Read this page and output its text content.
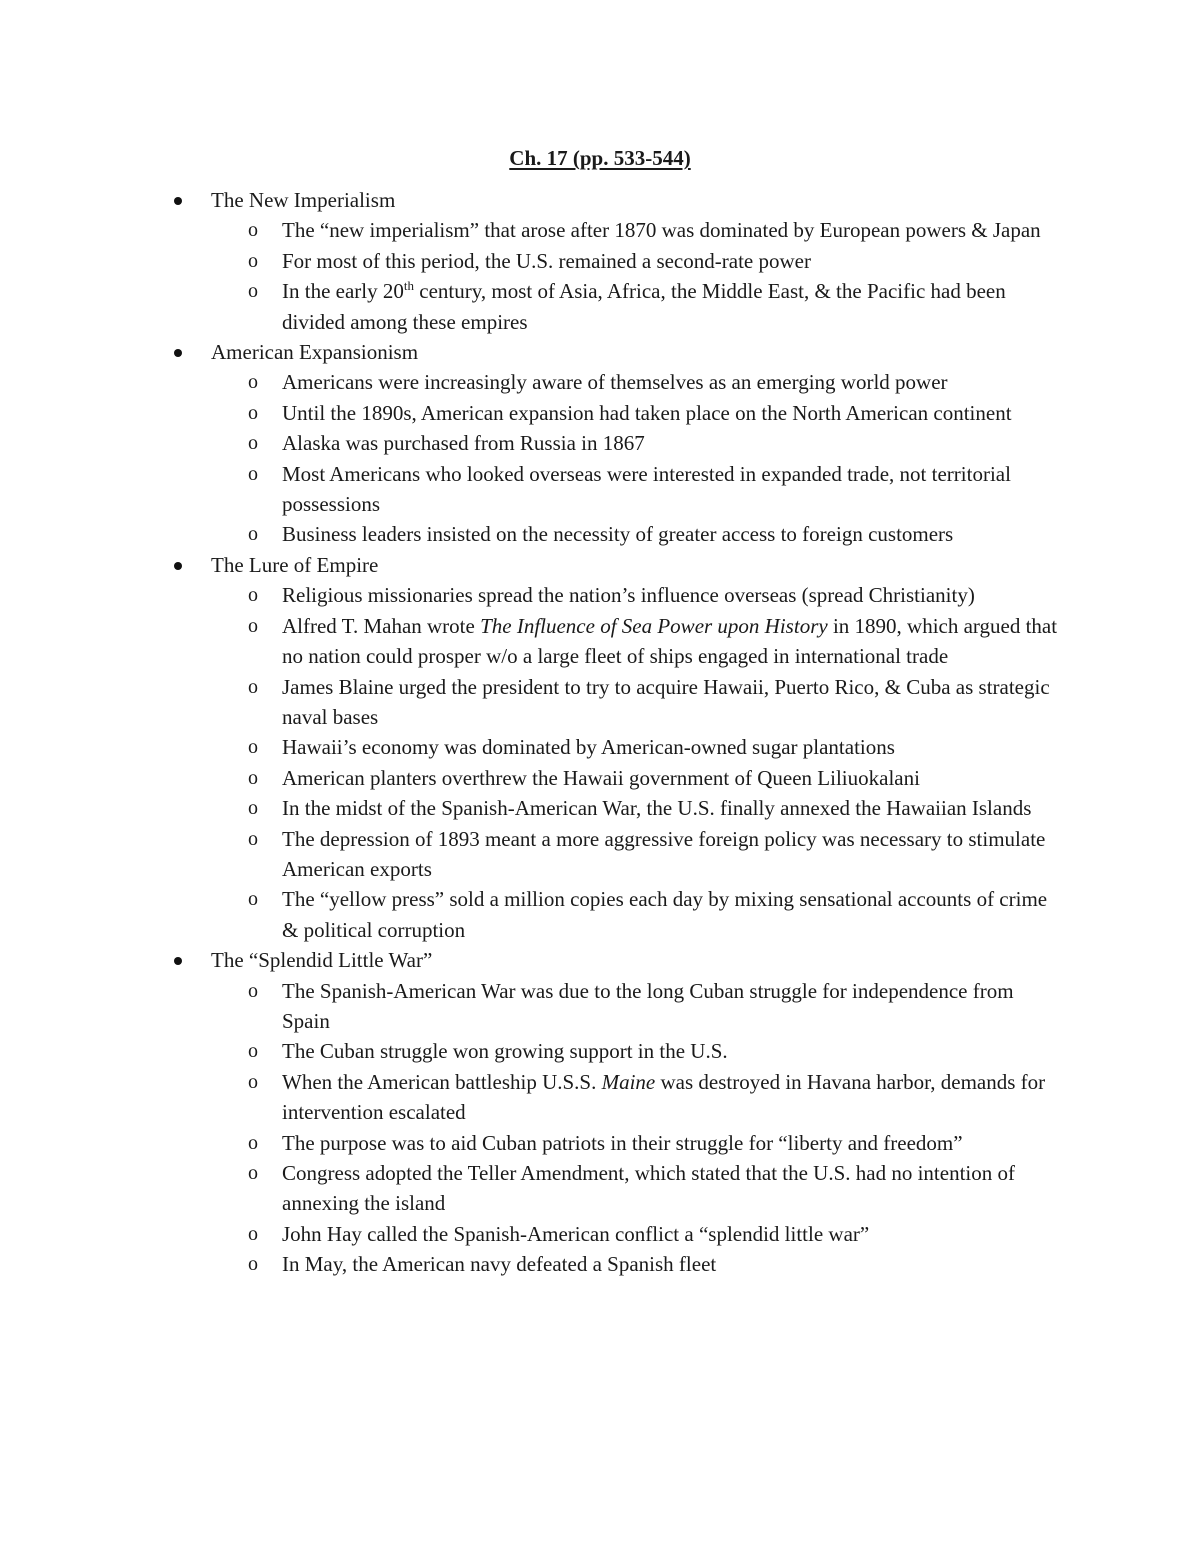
Ch. 17 (pp. 533-544)
The New Imperialism
o The “new imperialism” that arose after 1870 was dominated by European powers & Japan
o For most of this period, the U.S. remained a second-rate power
o In the early 20th century, most of Asia, Africa, the Middle East, & the Pacific had been divided among these empires
American Expansionism
o Americans were increasingly aware of themselves as an emerging world power
o Until the 1890s, American expansion had taken place on the North American continent
o Alaska was purchased from Russia in 1867
o Most Americans who looked overseas were interested in expanded trade, not territorial possessions
o Business leaders insisted on the necessity of greater access to foreign customers
The Lure of Empire
o Religious missionaries spread the nation’s influence overseas (spread Christianity)
o Alfred T. Mahan wrote The Influence of Sea Power upon History in 1890, which argued that no nation could prosper w/o a large fleet of ships engaged in international trade
o James Blaine urged the president to try to acquire Hawaii, Puerto Rico, & Cuba as strategic naval bases
o Hawaii’s economy was dominated by American-owned sugar plantations
o American planters overthrew the Hawaii government of Queen Liliuokalani
o In the midst of the Spanish-American War, the U.S. finally annexed the Hawaiian Islands
o The depression of 1893 meant a more aggressive foreign policy was necessary to stimulate American exports
o The “yellow press” sold a million copies each day by mixing sensational accounts of crime & political corruption
The “Splendid Little War”
o The Spanish-American War was due to the long Cuban struggle for independence from Spain
o The Cuban struggle won growing support in the U.S.
o When the American battleship U.S.S. Maine was destroyed in Havana harbor, demands for intervention escalated
o The purpose was to aid Cuban patriots in their struggle for “liberty and freedom”
o Congress adopted the Teller Amendment, which stated that the U.S. had no intention of annexing the island
o John Hay called the Spanish-American conflict a “splendid little war”
o In May, the American navy defeated a Spanish fleet
